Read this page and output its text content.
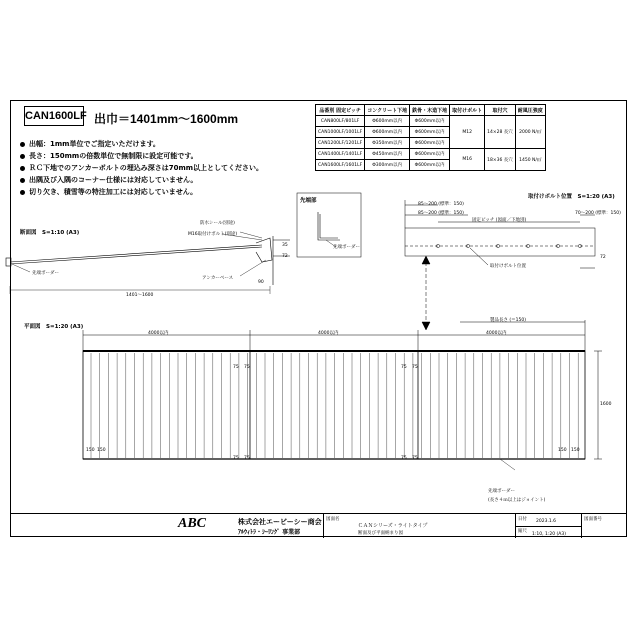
CAN1600LF 出巾＝1401mm～1600mm
出幅：1mm単位でご指定いただけます。
長さ：150mmの倍数単位で無制限に設定可能です。
ＲＣ下地でのアンカーボルトの埋込み深さは70mm以上としてください。
出隅及び入隅のコーナー仕様には対応していません。
切り欠き、積雪等の特注加工には対応していません。
品番別 固定ピッチ	コンクリート下地	鉄骨・木造下地	取付けボルト	取付穴	耐風圧強度
CAN800LF/801LF	Φ600mm以内	Φ600mm以内	M12	14×28 長穴	2000 N/㎡
CAN1000LF/1001LF	Φ600mm以内	Φ600mm以内			
CAN1200LF/1201LF	Φ350mm以内	Φ600mm以内			
CAN1400LF/1401LF	Φ450mm以内	Φ600mm以内	M16	18×36 長穴	1450 N/㎡
CAN1600LF/1601LF	Φ300mm以内	Φ600mm以内			
断面図　S=1:10 (A3)
防水シール(別途)
M16取付けボルト(別途)
アンカーベース
先端ボーダー
1401～1600
90
72
35
先端部
先端ボーダー
取付けボルト位置　S=1:20 (A3)
85～200 (標準：150)
85～200 (標準：150)
固定ピッチ (図面／下地別)
70～200 (標準：150)
取付けボルト位置
72
平面図　S=1:20 (A3)
製品長さ (＝150)
4000以内	4000以内	4000以内
75 75	75 75
75 75	75 75
150 150	150 150
1600
先端ボーダー
(長さ４ｍ以上はジョイント)
ABC	株式会社エービーシー商会
ｱﾙｳｨﾄﾗ・ｼｰﾘﾝｸﾞ 事業部
図面名
ＣＡＮシリーズ・ライトタイプ
断面及び平面納まり図
日付 2023.1.6
縮尺
1:10, 1:20 (A3)
図面番号
